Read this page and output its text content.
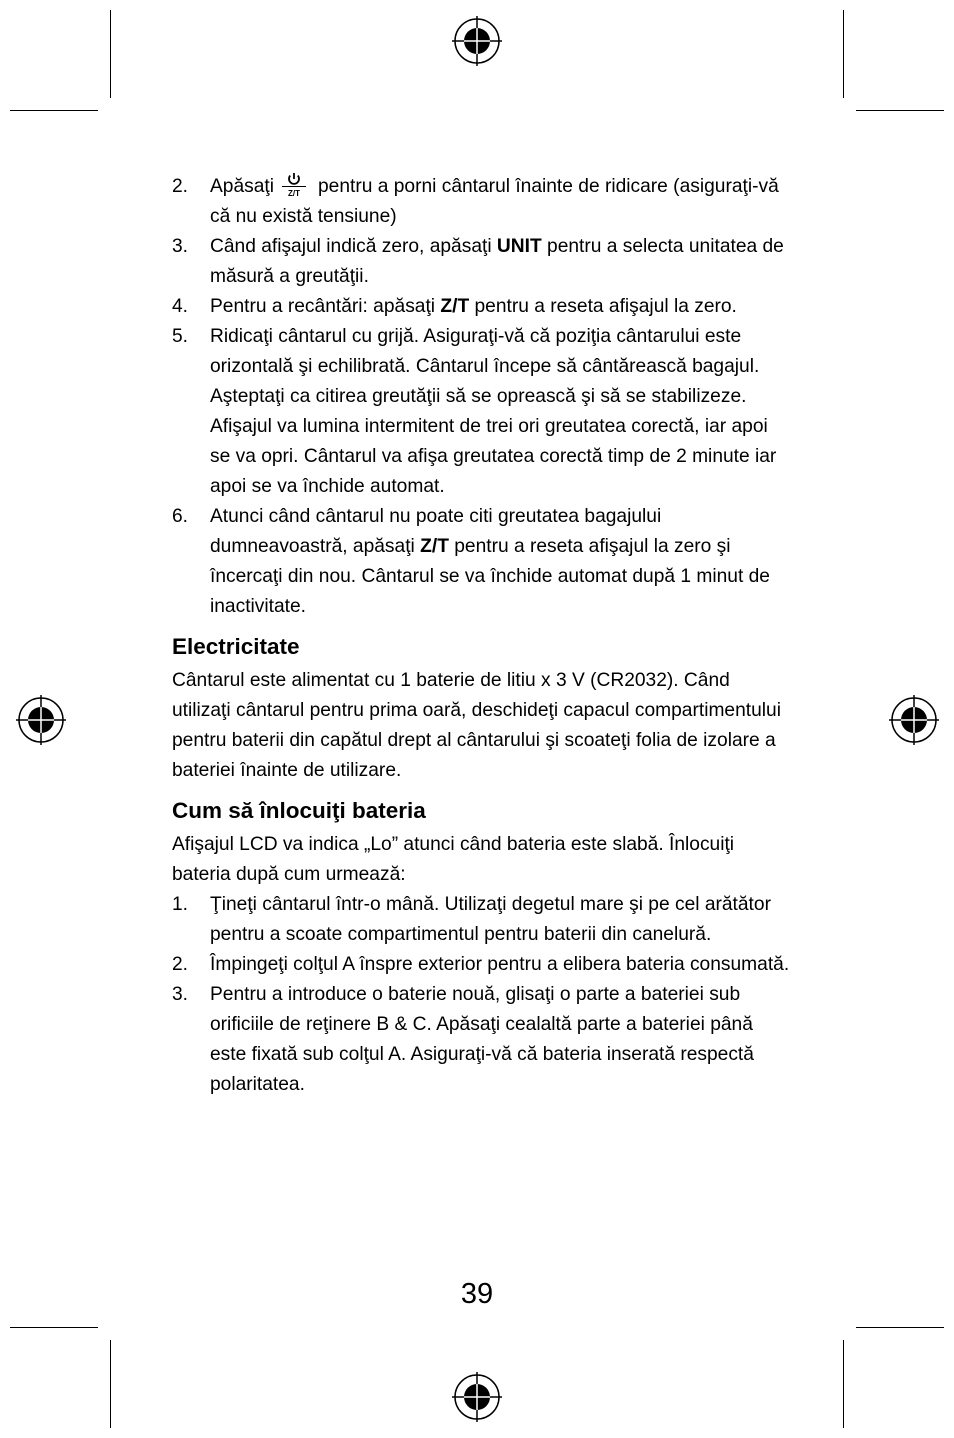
2. Apăsaţi Z/T pentru a porni cântarul înainte de ridicare (asiguraţi-vă că nu există tensiune)
3. Când afişajul indică zero, apăsaţi UNIT pentru a selecta unitatea de măsură a greutăţii.
4. Pentru a recântări: apăsaţi Z/T pentru a reseta afişajul la zero.
5. Ridicaţi cântarul cu grijă. Asiguraţi-vă că poziţia cântarului este orizontală şi echilibrată. Cântarul începe să cântărească bagajul. Aşteptaţi ca citirea greutăţii să se oprească şi să se stabilizeze. Afişajul va lumina intermitent de trei ori greutatea corectă, iar apoi se va opri. Cântarul va afişa greutatea corectă timp de 2 minute iar apoi se va închide automat.
6. Atunci când cântarul nu poate citi greutatea bagajului dumneavoastră, apăsaţi Z/T pentru a reseta afişajul la zero şi încercaţi din nou. Cântarul se va închide automat după 1 minut de inactivitate.
Electricitate

Cântarul este alimentat cu 1 baterie de litiu x 3 V (CR2032). Când utilizaţi cântarul pentru prima oară, deschideţi capacul compartimentului pentru baterii din capătul drept al cântarului şi scoateţi folia de izolare a bateriei înainte de utilizare.

Cum să înlocuiţi bateria

Afişajul LCD va indica „Lo” atunci când bateria este slabă. Înlocuiţi bateria după cum urmează:

1. Ţineţi cântarul într-o mână. Utilizaţi degetul mare şi pe cel arătător pentru a scoate compartimentul pentru baterii din canelură.
2. Împingeţi colţul A înspre exterior pentru a elibera bateria consumată.
3. Pentru a introduce o baterie nouă, glisaţi o parte a bateriei sub orificiile de reţinere B & C. Apăsaţi cealaltă parte a bateriei până este fixată sub colţul A. Asiguraţi-vă că bateria inserată respectă polaritatea.
39
